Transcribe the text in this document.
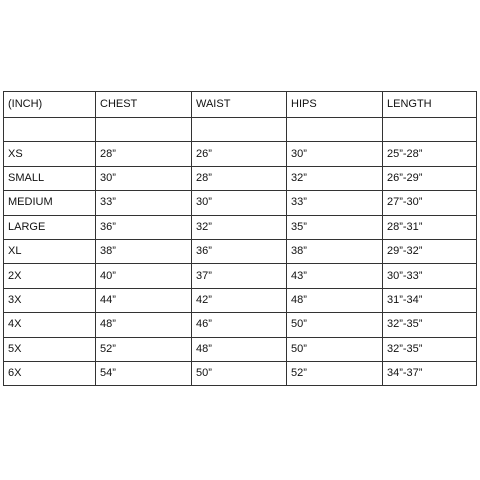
(INCH)	CHEST	WAIST	HIPS	LENGTH

XS	28”	26”	30”	25”-28”
SMALL	30”	28”	32”	26”-29”
MEDIUM	33”	30”	33”	27”-30”
LARGE	36”	32”	35”	28”-31”
XL	38”	36”	38”	29”-32”
2X	40”	37”	43”	30”-33”
3X	44”	42”	48”	31”-34”
4X	48”	46”	50”	32”-35”
5X	52”	48”	50”	32”-35”
6X	54”	50”	52”	34”-37”
